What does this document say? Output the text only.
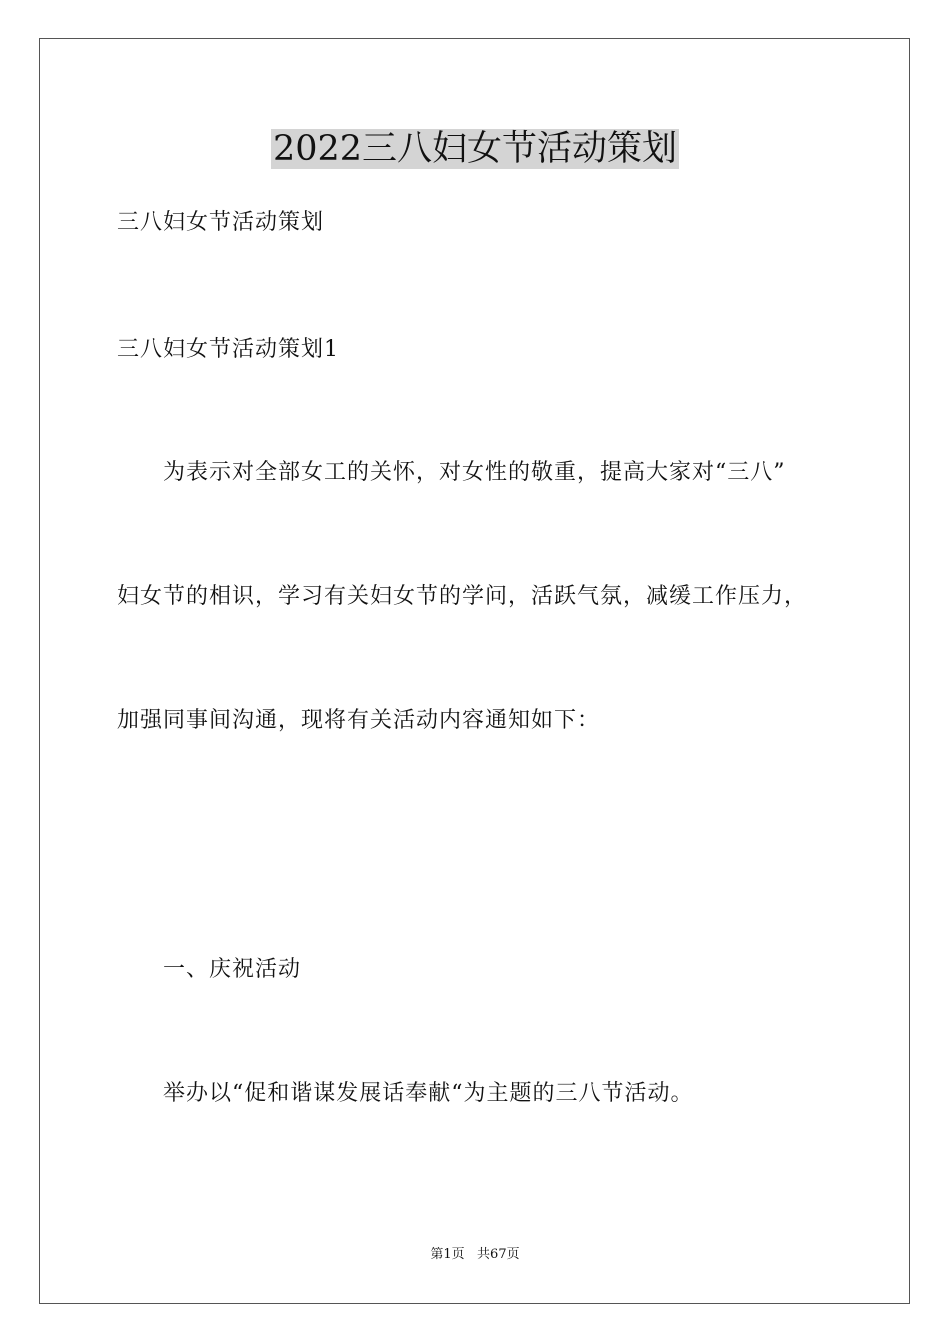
2022三八妇女节活动策划
三八妇女节活动策划
三八妇女节活动策划1
为表示对全部女工的关怀，对女性的敬重，提高大家对“三八”
妇女节的相识，学习有关妇女节的学问，活跃气氛，减缓工作压力，
加强同事间沟通，现将有关活动内容通知如下：
一、庆祝活动
举办以“促和谐谋发展话奉献“为主题的三八节活动。
第1页   共67页
